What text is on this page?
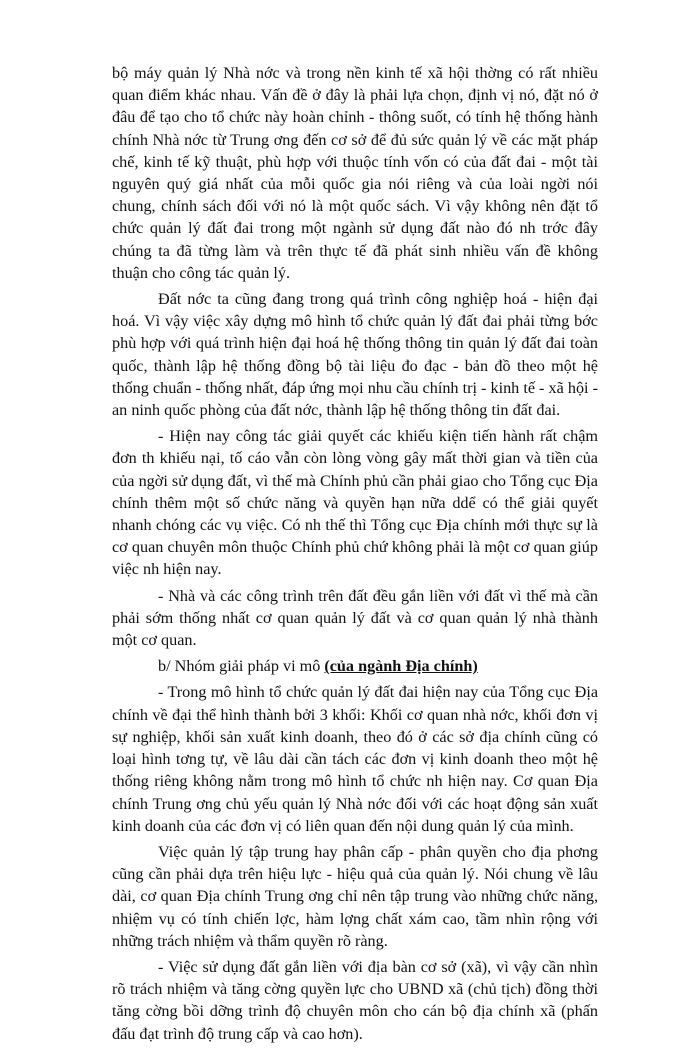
bộ máy quản lý Nhà nớc và trong nền kinh tế xã hội thờng có rất nhiều quan điểm khác nhau. Vấn đề ở đây là phải lựa chọn, định vị nó, đặt nó ở đâu để tạo cho tổ chức này hoàn chỉnh - thông suốt, có tính hệ thống hành chính Nhà nớc từ Trung ơng đến cơ sở để đủ sức quản lý về các mặt pháp chế, kinh tế kỹ thuật, phù hợp với thuộc tính vốn có của đất đai - một tài nguyên quý giá nhất của mỗi quốc gia nói riêng và của loài ngời nói chung, chính sách đối với nó là một quốc sách. Vì vậy không nên đặt tổ chức quản lý đất đai trong một ngành sử dụng đất nào đó nh trớc đây chúng ta đã từng làm và trên thực tế đã phát sinh nhiều vấn đề không thuận cho công tác quản lý.

Đất nớc ta cũng đang trong quá trình công nghiệp hoá - hiện đại hoá. Vì vậy việc xây dựng mô hình tổ chức quản lý đất đai phải từng bớc phù hợp với quá trình hiện đại hoá hệ thống thông tin quản lý đất đai toàn quốc, thành lập hệ thống đồng bộ tài liệu đo đạc - bản đồ theo một hệ thống chuẩn - thống nhất, đáp ứng mọi nhu cầu chính trị - kinh tế - xã hội - an ninh quốc phòng của đất nớc, thành lập hệ thống thông tin đất đai.

- Hiện nay công tác giải quyết các khiếu kiện tiến hành rất chậm đơn th khiếu nại, tố cáo vẫn còn lòng vòng gây mất thời gian và tiền của của ngời sử dụng đất, vì thế mà Chính phủ cần phải giao cho Tổng cục Địa chính thêm một số chức năng và quyền hạn nữa ddể có thể giải quyết nhanh chóng các vụ việc. Có nh thế thì Tổng cục Địa chính mới thực sự là cơ quan chuyên môn thuộc Chính phủ chứ không phải là một cơ quan giúp việc nh hiện nay.

- Nhà và các công trình trên đất đều gắn liền với đất vì thế mà cần phải sớm thống nhất cơ quan quản lý đất và cơ quan quản lý nhà thành một cơ quan.

b/ Nhóm giải pháp vi mô (của ngành Địa chính)

- Trong mô hình tổ chức quản lý đất đai hiện nay của Tổng cục Địa chính về đại thể hình thành bởi 3 khối: Khối cơ quan nhà nớc, khối đơn vị sự nghiệp, khối sản xuất kinh doanh, theo đó ở các sở địa chính cũng có loại hình tơng tự, về lâu dài cần tách các đơn vị kinh doanh theo một hệ thống riêng không nằm trong mô hình tổ chức nh hiện nay. Cơ quan Địa chính Trung ơng chủ yếu quản lý Nhà nớc đối với các hoạt động sản xuất kinh doanh của các đơn vị có liên quan đến nội dung quản lý của mình.

Việc quản lý tập trung hay phân cấp - phân quyền cho địa phơng cũng cần phải dựa trên hiệu lực - hiệu quả của quản lý. Nói chung về lâu dài, cơ quan Địa chính Trung ơng chỉ nên tập trung vào những chức năng, nhiệm vụ có tính chiến lợc, hàm lợng chất xám cao, tầm nhìn rộng với những trách nhiệm và thẩm quyền rõ ràng.

- Việc sử dụng đất gắn liền với địa bàn cơ sở (xã), vì vậy cần nhìn rõ trách nhiệm và tăng cờng quyền lực cho UBND xã (chủ tịch) đồng thời tăng cờng bồi dỡng trình độ chuyên môn cho cán bộ địa chính xã (phấn đấu đạt trình độ trung cấp và cao hơn).
